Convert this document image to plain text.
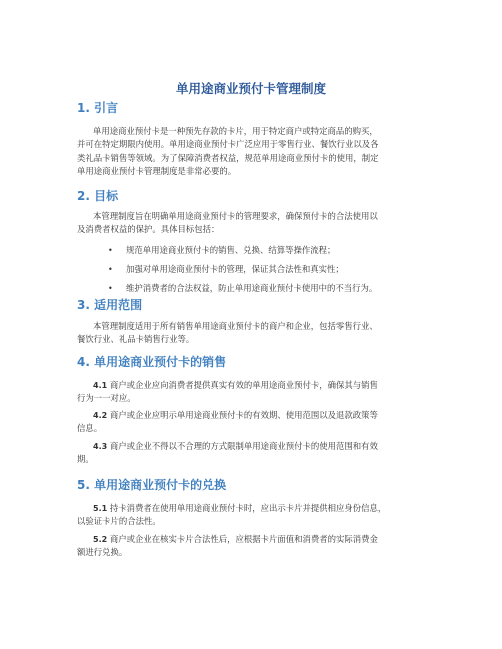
单用途商业预付卡管理制度
1. 引言
单用途商业预付卡是一种预先存款的卡片，用于特定商户或特定商品的购买，
并可在特定期限内使用。单用途商业预付卡广泛应用于零售行业、餐饮行业以及各
类礼品卡销售等领域。为了保障消费者权益，规范单用途商业预付卡的使用，制定
单用途商业预付卡管理制度是非常必要的。
2. 目标
本管理制度旨在明确单用途商业预付卡的管理要求，确保预付卡的合法使用以
及消费者权益的保护。具体目标包括：
• 规范单用途商业预付卡的销售、兑换、结算等操作流程；
• 加强对单用途商业预付卡的管理，保证其合法性和真实性；
• 维护消费者的合法权益，防止单用途商业预付卡使用中的不当行为。
3. 适用范围
本管理制度适用于所有销售单用途商业预付卡的商户和企业，包括零售行业、
餐饮行业、礼品卡销售行业等。
4. 单用途商业预付卡的销售
4.1 商户或企业应向消费者提供真实有效的单用途商业预付卡，确保其与销售
行为一一对应。
4.2 商户或企业应明示单用途商业预付卡的有效期、使用范围以及退款政策等
信息。
4.3 商户或企业不得以不合理的方式限制单用途商业预付卡的使用范围和有效
期。
5. 单用途商业预付卡的兑换
5.1 持卡消费者在使用单用途商业预付卡时，应出示卡片并提供相应身份信息，
以验证卡片的合法性。
5.2 商户或企业在核实卡片合法性后，应根据卡片面值和消费者的实际消费金
额进行兑换。
